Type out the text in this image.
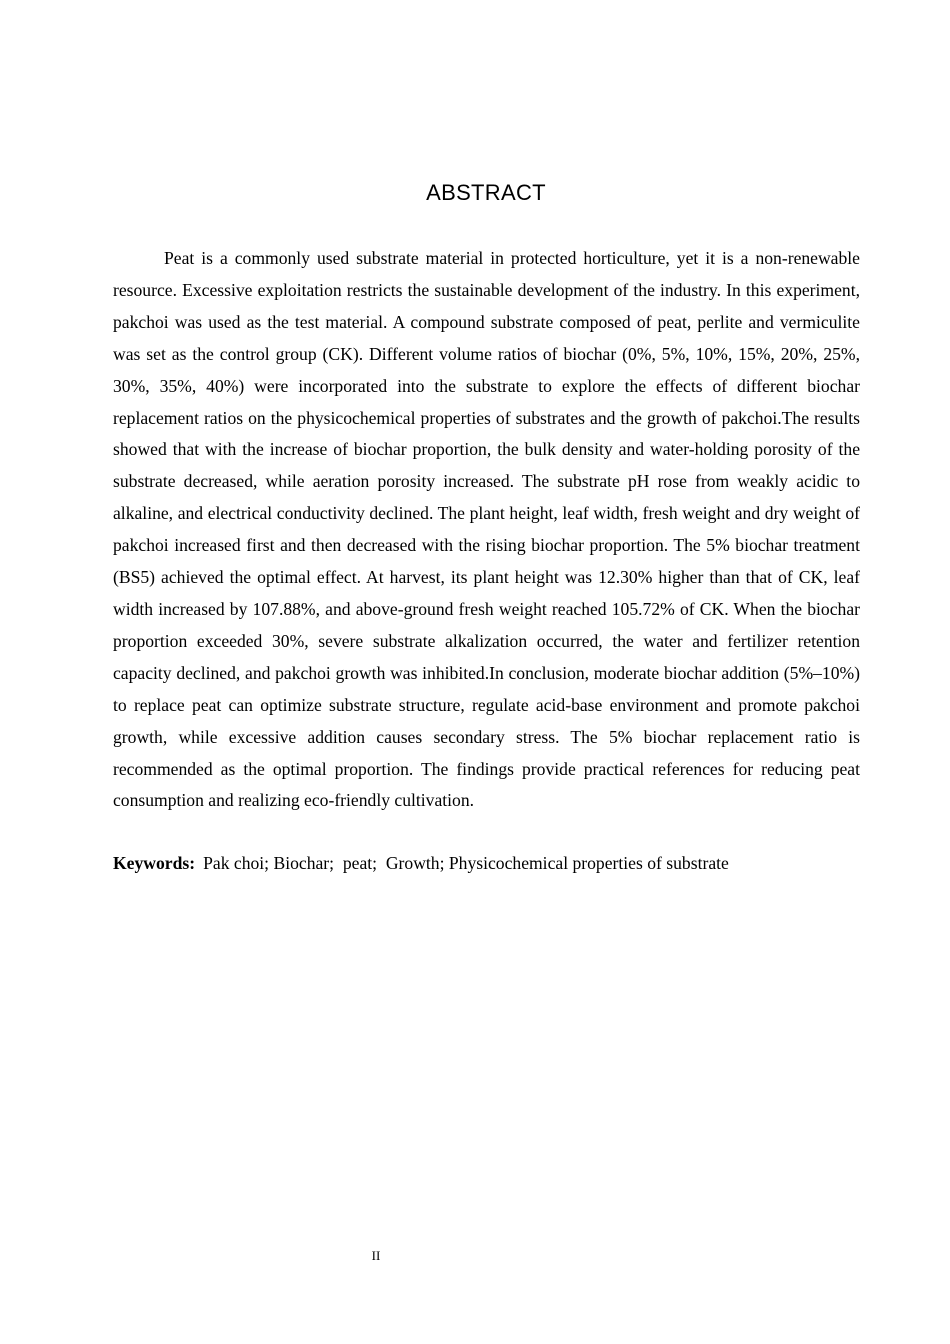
ABSTRACT

Peat is a commonly used substrate material in protected horticulture, yet it is a non-renewable resource. Excessive exploitation restricts the sustainable development of the industry. In this experiment, pakchoi was used as the test material. A compound substrate composed of peat, perlite and vermiculite was set as the control group (CK). Different volume ratios of biochar (0%, 5%, 10%, 15%, 20%, 25%, 30%, 35%, 40%) were incorporated into the substrate to explore the effects of different biochar replacement ratios on the physicochemical properties of substrates and the growth of pakchoi.The results showed that with the increase of biochar proportion, the bulk density and water-holding porosity of the substrate decreased, while aeration porosity increased. The substrate pH rose from weakly acidic to alkaline, and electrical conductivity declined. The plant height, leaf width, fresh weight and dry weight of pakchoi increased first and then decreased with the rising biochar proportion. The 5% biochar treatment (BS5) achieved the optimal effect. At harvest, its plant height was 12.30% higher than that of CK, leaf width increased by 107.88%, and above-ground fresh weight reached 105.72% of CK. When the biochar proportion exceeded 30%, severe substrate alkalization occurred, the water and fertilizer retention capacity declined, and pakchoi growth was inhibited.In conclusion, moderate biochar addition (5%–10%) to replace peat can optimize substrate structure, regulate acid-base environment and promote pakchoi growth, while excessive addition causes secondary stress. The 5% biochar replacement ratio is recommended as the optimal proportion. The findings provide practical references for reducing peat consumption and realizing eco-friendly cultivation.

Keywords: Pak choi; Biochar;  peat;  Growth; Physicochemical properties of substrate

II
